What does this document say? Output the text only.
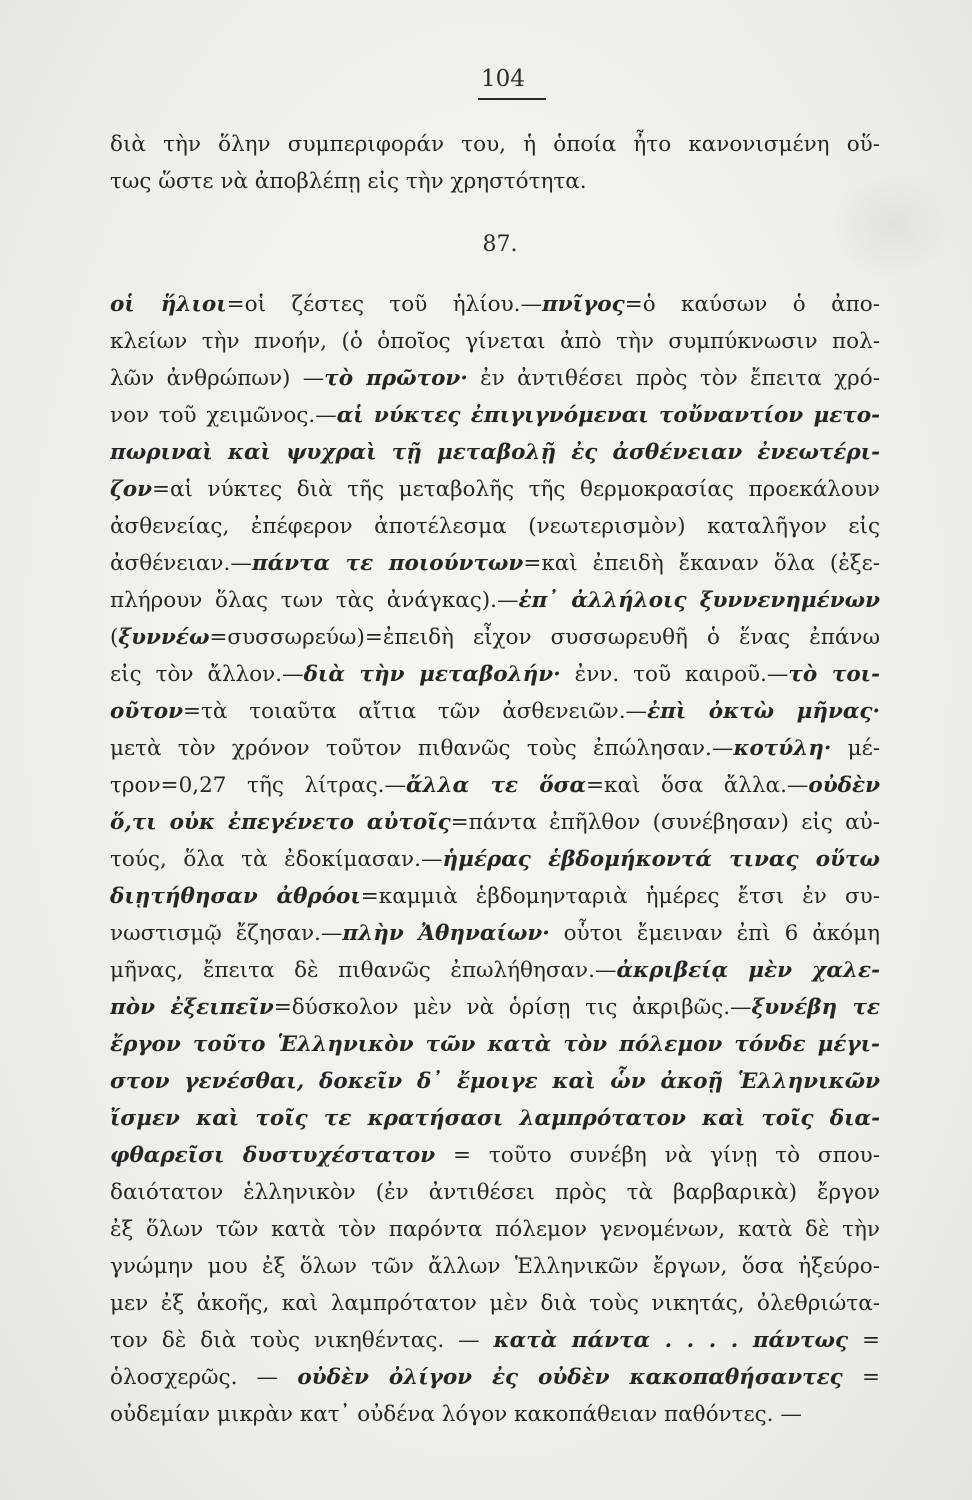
104
διὰ τὴν ὅλην συμπεριφοράν του, ἡ ὁποία ἦτο κανονισμένη οὕ-
τως ὥστε νὰ ἀποβλέπῃ εἰς τὴν χρηστότητα.
87.
οἱ ἥλιοι=οἱ ζέστες τοῦ ἡλίου.—πνῖγος=ὁ καύσων ὁ ἀπο-
κλείων τὴν πνοήν, (ὁ ὁποῖος γίνεται ἀπὸ τὴν συμπύκνωσιν πολ-
λῶν ἀνθρώπων) —τὸ πρῶτον· ἐν ἀντιθέσει πρὸς τὸν ἔπειτα χρό-
νον τοῦ χειμῶνος.—αἱ νύκτες ἐπιγιγνόμεναι τοὔναντίον μετο-
πωριναὶ καὶ ψυχραὶ τῇ μεταβολῇ ἐς ἀσθένειαν ἐνεωτέρι-
ζον=αἱ νύκτες διὰ τῆς μεταβολῆς τῆς θερμοκρασίας προεκάλουν
ἀσθενείας, ἐπέφερον ἀποτέλεσμα (νεωτερισμὸν) καταλῆγον εἰς
ἀσθένειαν.—πάντα τε ποιούντων=καὶ ἐπειδὴ ἔκαναν ὅλα (ἐξε-
πλήρουν ὅλας των τὰς ἀνάγκας).—ἐπ᾽ ἀλλήλοις ξυννενημένων
(ξυννέω=συσσωρεύω)=ἐπειδὴ εἶχον συσσωρευθῆ ὁ ἕνας ἐπάνω
εἰς τὸν ἄλλον.—διὰ τὴν μεταβολήν· ἐνν. τοῦ καιροῦ.—τὸ τοι-
οῦτον=τὰ τοιαῦτα αἴτια τῶν ἀσθενειῶν.—ἐπὶ ὀκτὼ μῆνας·
μετὰ τὸν χρόνον τοῦτον πιθανῶς τοὺς ἐπώλησαν.—κοτύλη· μέ-
τρον=0,27 τῆς λίτρας.—ἄλλα τε ὅσα=καὶ ὅσα ἄλλα.—οὐδὲν
ὅ,τι οὐκ ἐπεγένετο αὐτοῖς=πάντα ἐπῆλθον (συνέβησαν) εἰς αὐ-
τούς, ὅλα τὰ ἐδοκίμασαν.—ἡμέρας ἑβδομήκοντά τινας οὕτω
διῃτήθησαν ἀθρόοι=καμμιὰ ἑβδομηνταριὰ ἡμέρες ἔτσι ἐν συ-
νωστισμῷ ἔζησαν.—πλὴν Ἀθηναίων· οὗτοι ἔμειναν ἐπὶ 6 ἀκόμη
μῆνας, ἔπειτα δὲ πιθανῶς ἐπωλήθησαν.—ἀκριβείᾳ μὲν χαλε-
πὸν ἐξειπεῖν=δύσκολον μὲν νὰ ὁρίσῃ τις ἀκριβῶς.—ξυνέβη τε
ἔργον τοῦτο Ἑλληνικὸν τῶν κατὰ τὸν πόλεμον τόνδε μέγι-
στον γενέσθαι, δοκεῖν δ᾽ ἔμοιγε καὶ ὧν ἀκοῇ Ἑλληνικῶν
ἴσμεν καὶ τοῖς τε κρατήσασι λαμπρότατον καὶ τοῖς δια-
φθαρεῖσι δυστυχέστατον = τοῦτο συνέβη νὰ γίνῃ τὸ σπου-
δαιότατον ἑλληνικὸν (ἐν ἀντιθέσει πρὸς τὰ βαρβαρικὰ) ἔργον
ἐξ ὅλων τῶν κατὰ τὸν παρόντα πόλεμον γενομένων, κατὰ δὲ τὴν
γνώμην μου ἐξ ὅλων τῶν ἄλλων Ἑλληνικῶν ἔργων, ὅσα ἠξεύρο-
μεν ἐξ ἀκοῆς, καὶ λαμπρότατον μὲν διὰ τοὺς νικητάς, ὀλεθριώτα-
τον δὲ διὰ τοὺς νικηθέντας. — κατὰ πάντα . . . . πάντως =
ὁλοσχερῶς. — οὐδὲν ὀλίγον ἐς οὐδὲν κακοπαθήσαντες =
οὐδεμίαν μικρὰν κατ᾽ οὐδένα λόγον κακοπάθειαν παθόντες. —
